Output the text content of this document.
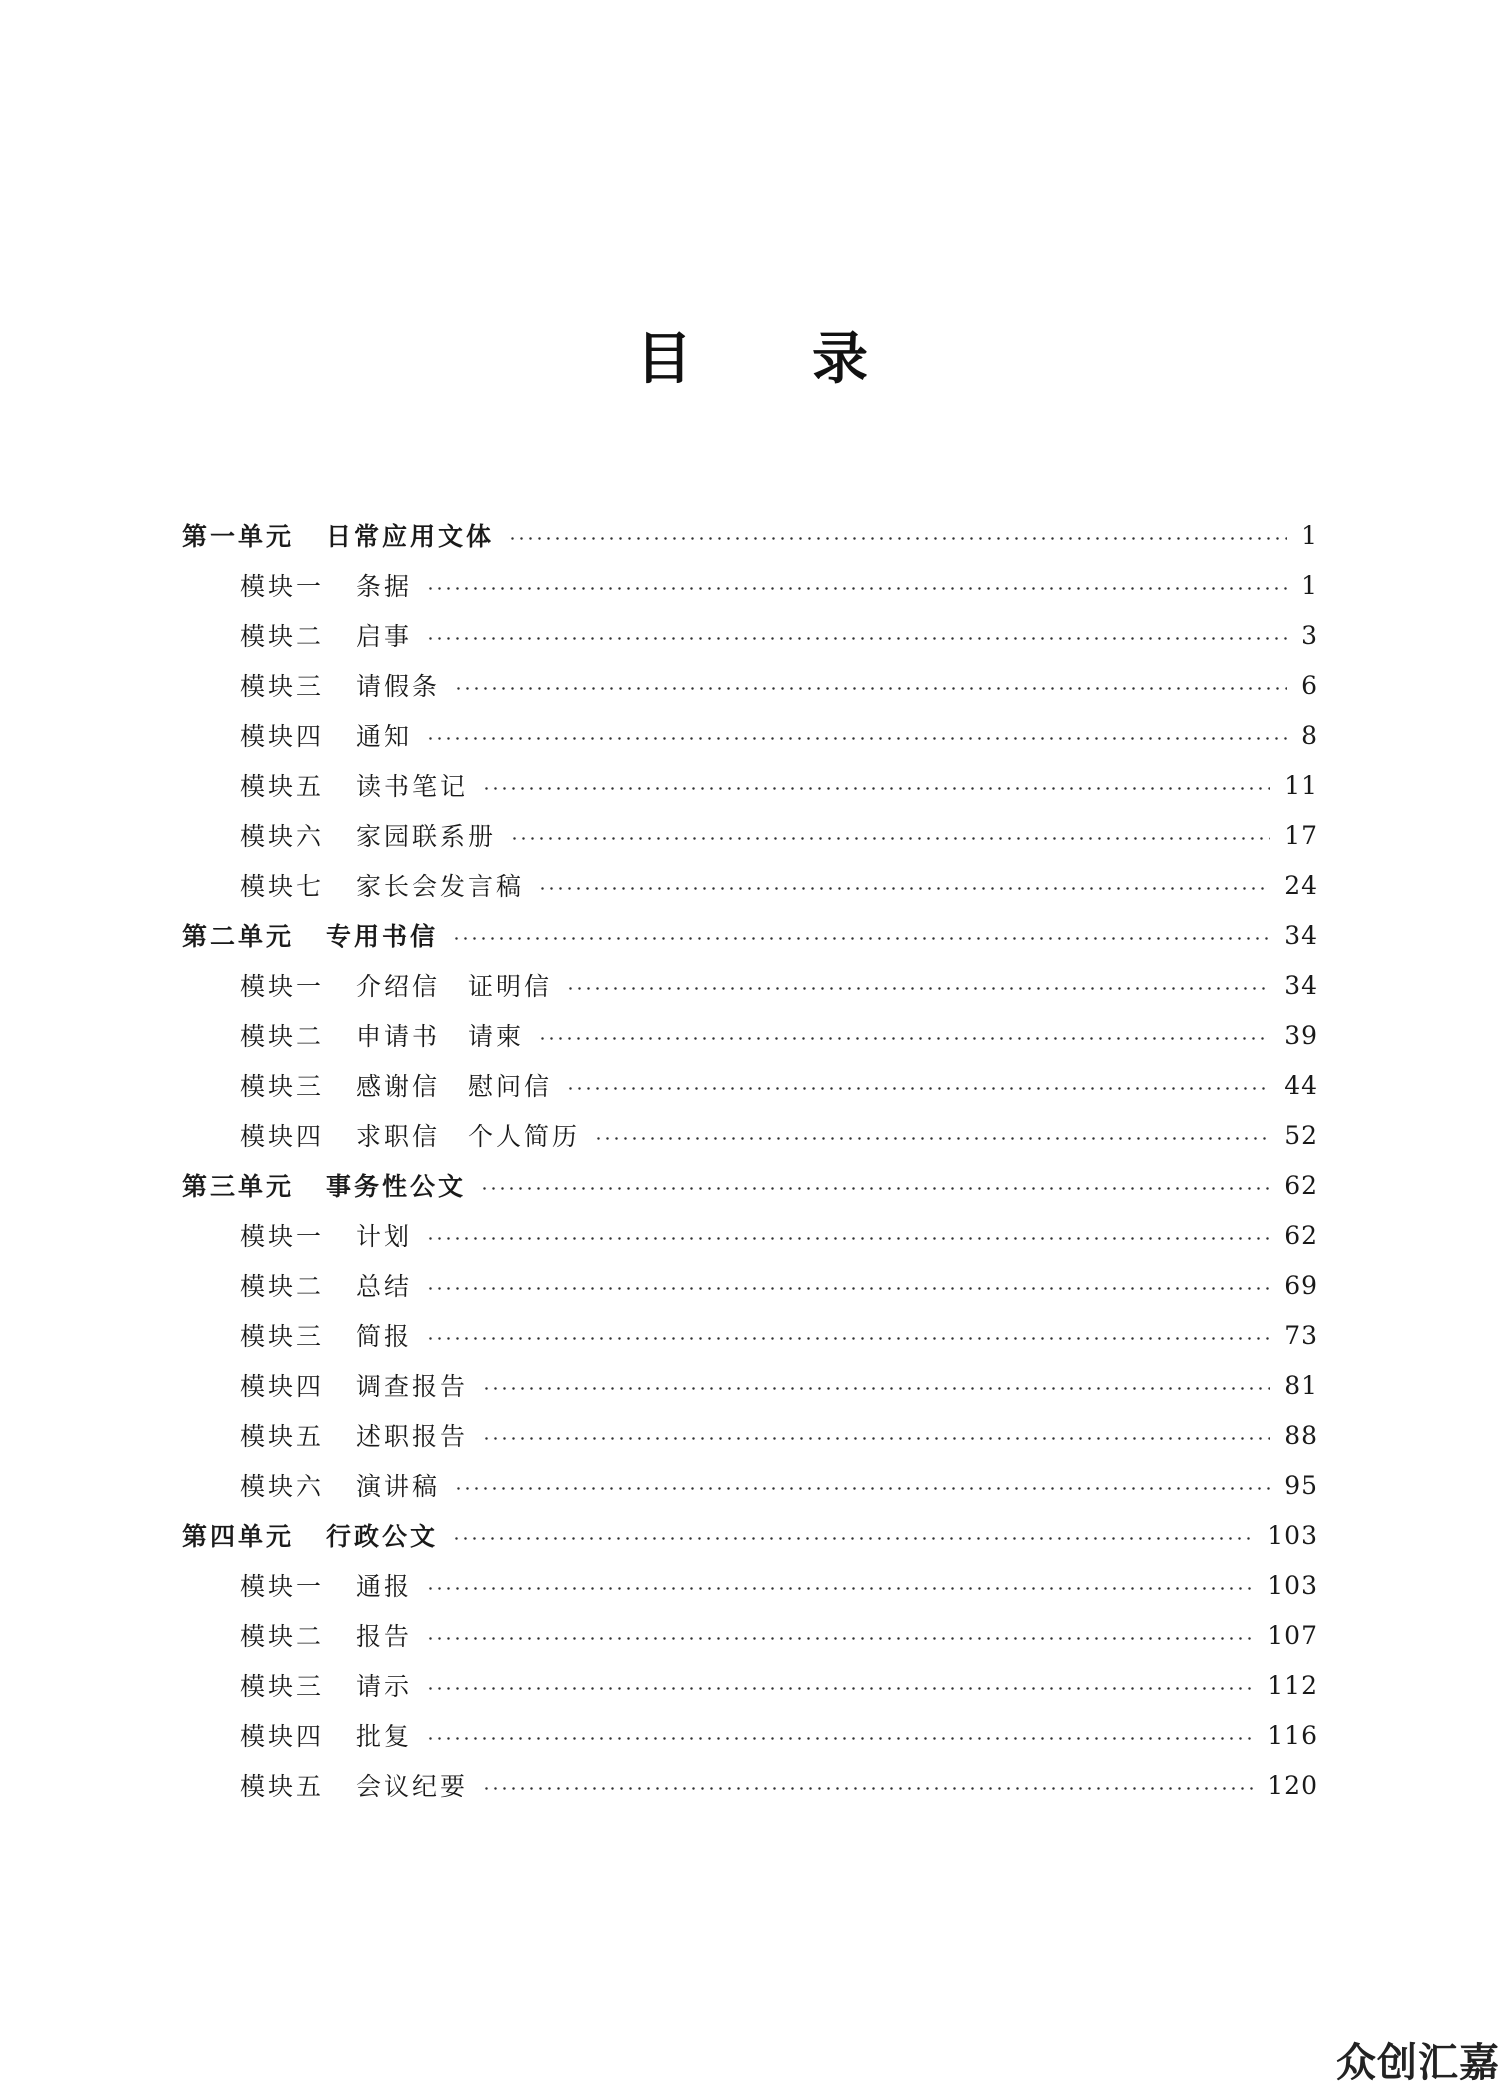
目 录
第一单元 日常应用文体	1
模块一 条据	1
模块二 启事	3
模块三 请假条	6
模块四 通知	8
模块五 读书笔记	11
模块六 家园联系册	17
模块七 家长会发言稿	24
第二单元 专用书信	34
模块一 介绍信　证明信	34
模块二 申请书　请柬	39
模块三 感谢信　慰问信	44
模块四 求职信　个人简历	52
第三单元 事务性公文	62
模块一 计划	62
模块二 总结	69
模块三 简报	73
模块四 调查报告	81
模块五 述职报告	88
模块六 演讲稿	95
第四单元 行政公文	103
模块一 通报	103
模块二 报告	107
模块三 请示	112
模块四 批复	116
模块五 会议纪要	120
众创汇嘉
